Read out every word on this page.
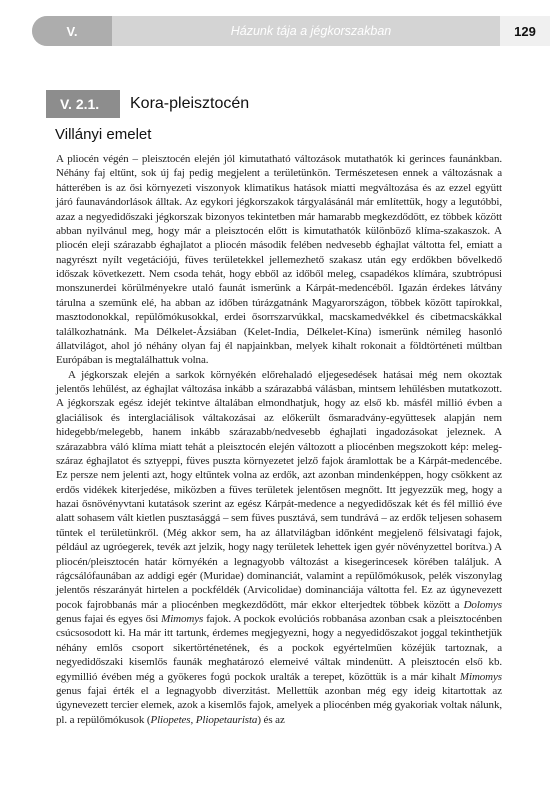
V.	Házunk tája a jégkorszakban	129
V. 2.1.	Kora-pleisztocén
Villányi emelet

A pliocén végén – pleisztocén elején jól kimutatható változások mutathatók ki gerinces faunánkban. Néhány faj eltűnt, sok új faj pedig megjelent a területünkön. Természetesen ennek a változásnak a hátterében is az ősi környezeti viszonyok klimatikus hatások miatti megváltozása és az ezzel együtt járó faunavándorlások álltak. Az egykori jégkorszakok tárgyalásánál már említettük, hogy a legutóbbi, azaz a negyedidőszaki jégkorszak bizonyos tekintetben már hamarabb megkezdődött, ez többek között abban nyilvánul meg, hogy már a pleisztocén előtt is kimutathatók különböző klíma-szakaszok. A pliocén eleji szárazabb éghajlatot a pliocén második felében nedvesebb éghajlat váltotta fel, emiatt a nagyrészt nyílt vegetációjú, füves területekkel jellemezhető szakasz után egy erdőkben bővelkedő időszak következett. Nem csoda tehát, hogy ebből az időből meleg, csapadékos klímára, szubtrópusi monszunerdei körülményekre utaló faunát ismerünk a Kárpát-medencéből. Igazán érdekes látvány tárulna a szemünk elé, ha abban az időben túrázgatnánk Magyarországon, többek között tapírokkal, masztodonokkal, repülőmókusokkal, erdei ősorrszarvúkkal, macskamedvékkel és cibetmacskákkal találkozhatnánk. Ma Délkelet-Ázsiában (Kelet-India, Délkelet-Kína) ismerünk némileg hasonló állatvilágot, ahol jó néhány olyan faj él napjainkban, melyek kihalt rokonait a földtörténeti múltban Európában is megtalálhattuk volna.

A jégkorszak elején a sarkok környékén előrehaladó eljegesedések hatásai még nem okoztak jelentős lehűlést, az éghajlat változása inkább a szárazabbá válásban, mintsem lehűlésben mutatkozott. A jégkorszak egész idejét tekintve általában elmondhatjuk, hogy az első kb. másfél millió évben a glaciálisok és interglaciálisok váltakozásai az előkerült ősmaradvány-együttesek alapján nem hidegebb/melegebb, hanem inkább szárazabb/nedvesebb éghajlati ingadozásokat jeleznek. A szárazabbra váló klíma miatt tehát a pleisztocén elején változott a pliocénben megszokott kép: meleg-száraz éghajlatot és sztyeppi, füves puszta környezetet jelző fajok áramlottak be a Kárpát-medencébe. Ez persze nem jelenti azt, hogy eltűntek volna az erdők, azt azonban mindenképpen, hogy csökkent az erdős vidékek kiterjedése, miközben a füves területek jelentősen megnőtt. Itt jegyezzük meg, hogy a hazai ősnövényvtani kutatások szerint az egész Kárpát-medence a negyedidőszak két és fél millió éve alatt sohasem vált kietlen pusztasággá – sem füves pusztává, sem tundrává – az erdők teljesen sohasem tűntek el területünkről. (Még akkor sem, ha az állatvilágban időnként megjelenő félsivatagi fajok, például az ugróegerek, tevék azt jelzik, hogy nagy területek lehettek igen gyér növényzettel borítva.) A pliocén/pleisztocén határ környékén a legnagyobb változást a kisegerincesek körében találjuk. A rágcsálófaunában az addigi egér (Muridae) dominanciát, valamint a repülőmókusok, pelék viszonylag jelentős részarányát hirtelen a pockféldék (Arvicolidae) dominanciája váltotta fel. Ez az úgynevezett pocok fajrobbanás már a pliocénben megkezdődött, már ekkor elterjedtek többek között a Dolomys genus fajai és egyes ősi Mimomys fajok. A pockok evolúciós robbanása azonban csak a pleisztocénben csúcsosodott ki. Ha már itt tartunk, érdemes megjegyezni, hogy a negyedidőszakot joggal tekinthetjük néhány emlős csoport sikertörténetének, és a pockok egyértelműen közéjük tartoznak, a negyedidőszaki kisemlős faunák meghatározó elemeivé váltak mindenütt. A pleisztocén első kb. egymillió évében még a gyökeres fogú pockok uralták a terepet, közöttük is a már kihalt Mimomys genus fajai érték el a legnagyobb diverzitást. Mellettük azonban még egy ideig kitartottak az úgynevezett tercier elemek, azok a kisemlős fajok, amelyek a pliocénben még gyakoriak voltak nálunk, pl. a repülőmókusok (Pliopetes, Pliopetaurista) és az
